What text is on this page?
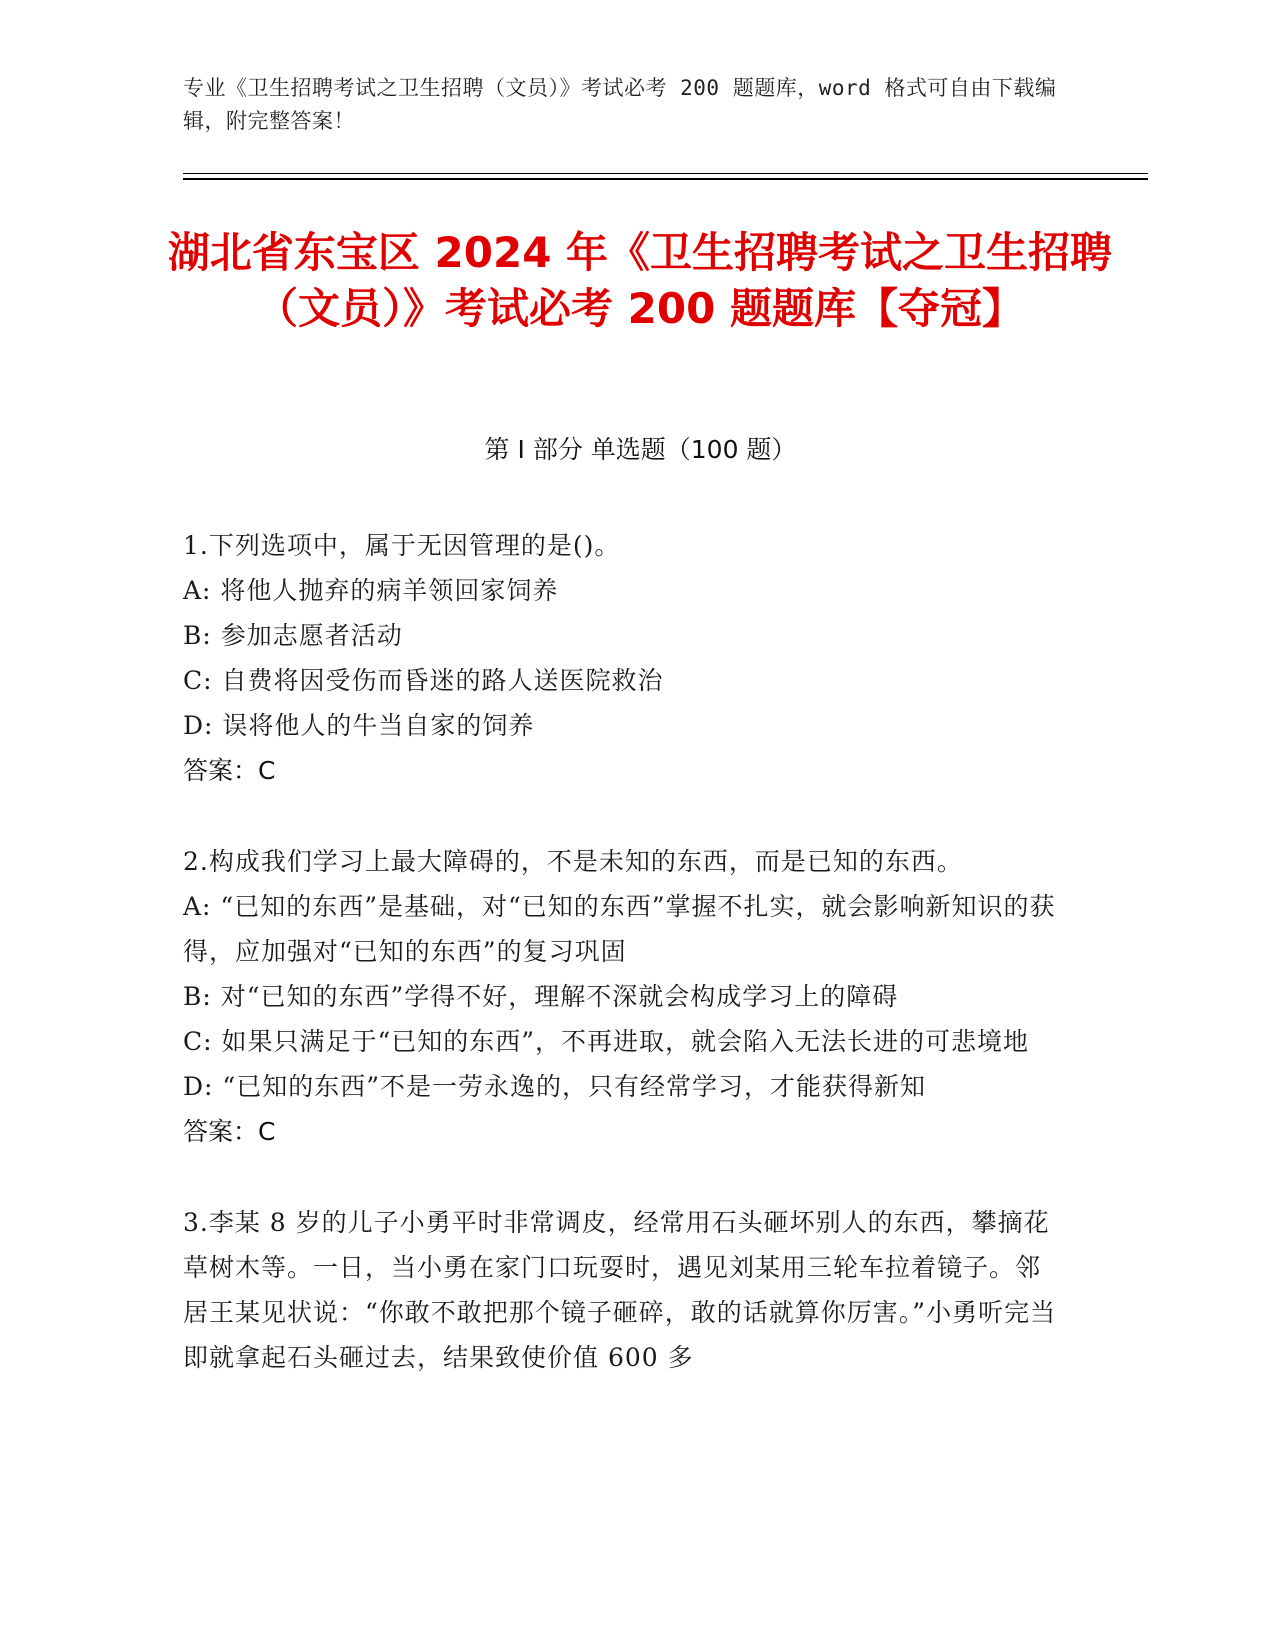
专业《卫生招聘考试之卫生招聘（文员）》考试必考 200 题题库，word 格式可自由下载编辑，附完整答案！
湖北省东宝区 2024 年《卫生招聘考试之卫生招聘（文员）》考试必考 200 题题库【夺冠】
第 I 部分 单选题（100 题）
1.下列选项中，属于无因管理的是()。
A: 将他人抛弃的病羊领回家饲养
B: 参加志愿者活动
C: 自费将因受伤而昏迷的路人送医院救治
D: 误将他人的牛当自家的饲养
答案：C
2.构成我们学习上最大障碍的，不是未知的东西，而是已知的东西。
A: “已知的东西”是基础，对“已知的东西”掌握不扎实，就会影响新知识的获得，应加强对“已知的东西”的复习巩固
B: 对“已知的东西”学得不好，理解不深就会构成学习上的障碍
C: 如果只满足于“已知的东西”，不再进取，就会陷入无法长进的可悲境地
D: “已知的东西”不是一劳永逸的，只有经常学习，才能获得新知
答案：C
3.李某 8 岁的儿子小勇平时非常调皮，经常用石头砸坏别人的东西，攀摘花草树木等。一日，当小勇在家门口玩耍时，遇见刘某用三轮车拉着镜子。邻居王某见状说：“你敢不敢把那个镜子砸碎，敢的话就算你厉害。”小勇听完当即就拿起石头砸过去，结果致使价值 600 多
